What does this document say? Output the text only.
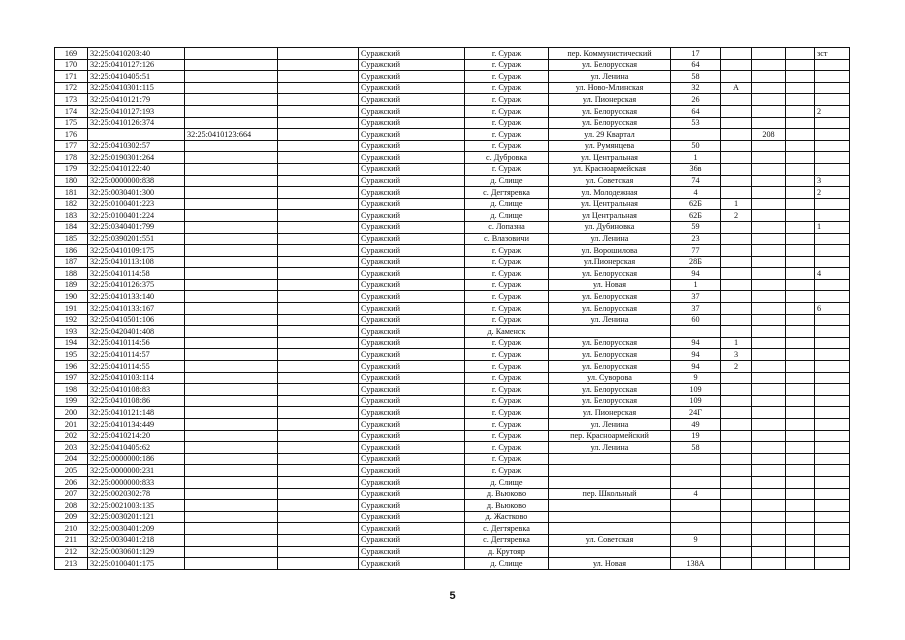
169	32:25:0410203:40			Суражский	г. Сураж	пер. Коммунистический	17				зст
170	32:25:0410127:126			Суражский	г. Сураж	ул. Белорусская	64				
171	32:25:0410405:51			Суражский	г. Сураж	ул. Ленина	58				
172	32:25:0410301:115			Суражский	г. Сураж	ул. Ново-Млинская	32	А			
173	32:25:0410121:79			Суражский	г. Сураж	ул. Пионерская	26				
174	32:25:0410127:193			Суражский	г. Сураж	ул. Белорусская	64				2
175	32:25:0410126:374			Суражский	г. Сураж	ул. Белорусская	53				
176		32:25:0410123:664		Суражский	г. Сураж	ул. 29 Квартал			208		
177	32:25:0410302:57			Суражский	г. Сураж	ул. Румянцева	50				
178	32:25:0190301:264			Суражский	с. Дубровка	ул. Центральная	1				
179	32:25:0410122:40			Суражский	г. Сураж	ул. Красноармейская	36в				
180	32:25:0000000:838			Суражский	д. Слище	ул. Советская	74				3
181	32:25:0030401:300			Суражский	с. Дегтяревка	ул. Молодежная	4				2
182	32:25:0100401:223			Суражский	д. Слище	ул. Центральная	62Б	1			
183	32:25:0100401:224			Суражский	д. Слище	ул Центральная	62Б	2			
184	32:25:0340401:799			Суражский	с. Лопазна	ул. Дубиновка	59				1
185	32:25:0390201:551			Суражский	с. Влазовичи	ул. Ленина	23				
186	32:25:0410109:175			Суражский	г. Сураж	ул. Ворошилова	77				
187	32:25:0410113:108			Суражский	г. Сураж	ул.Пионерская	28Б				
188	32:25:0410114:58			Суражский	г. Сураж	ул. Белорусская	94				4
189	32:25:0410126:375			Суражский	г. Сураж	ул. Новая	1				
190	32:25:0410133:140			Суражский	г. Сураж	ул. Белорусская	37				
191	32:25:0410133:167			Суражский	г. Сураж	ул. Белорусская	37				6
192	32:25:0410501:106			Суражский	г. Сураж	ул. Ленина	60				
193	32:25:0420401:408			Суражский	д. Каменск						
194	32:25:0410114:56			Суражский	г. Сураж	ул. Белорусская	94	1			
195	32:25:0410114:57			Суражский	г. Сураж	ул. Белорусская	94	3			
196	32:25:0410114:55			Суражский	г. Сураж	ул. Белорусская	94	2			
197	32:25:0410103:114			Суражский	г. Сураж	ул. Суворова	9				
198	32:25:0410108:83			Суражский	г. Сураж	ул. Белорусская	109				
199	32:25:0410108:86			Суражский	г. Сураж	ул. Белорусская	109				
200	32:25:0410121:148			Суражский	г. Сураж	ул. Пионерская	24Г				
201	32:25:0410134:449			Суражский	г. Сураж	ул. Ленина	49				
202	32:25:0410214:20			Суражский	г. Сураж	пер. Красноармейский	19				
203	32:25:0410405:62			Суражский	г. Сураж	ул. Ленина	58				
204	32:25:0000000:186			Суражский	г. Сураж						
205	32:25:0000000:231			Суражский	г. Сураж						
206	32:25:0000000:833			Суражский	д. Слище						
207	32:25:0020302:78			Суражский	д. Вьюково	пер. Школьный	4				
208	32:25:0021003:135			Суражский	д. Вьюково						
209	32:25:0030201:121			Суражский	д. Жастково						
210	32:25:0030401:209			Суражский	с. Дегтяревка						
211	32:25:0030401:218			Суражский	с. Дегтяревка	ул. Советская	9				
212	32:25:0030601:129			Суражский	д. Крутояр						
213	32:25:0100401:175			Суражский	д. Слище	ул. Новая	138А				
5
